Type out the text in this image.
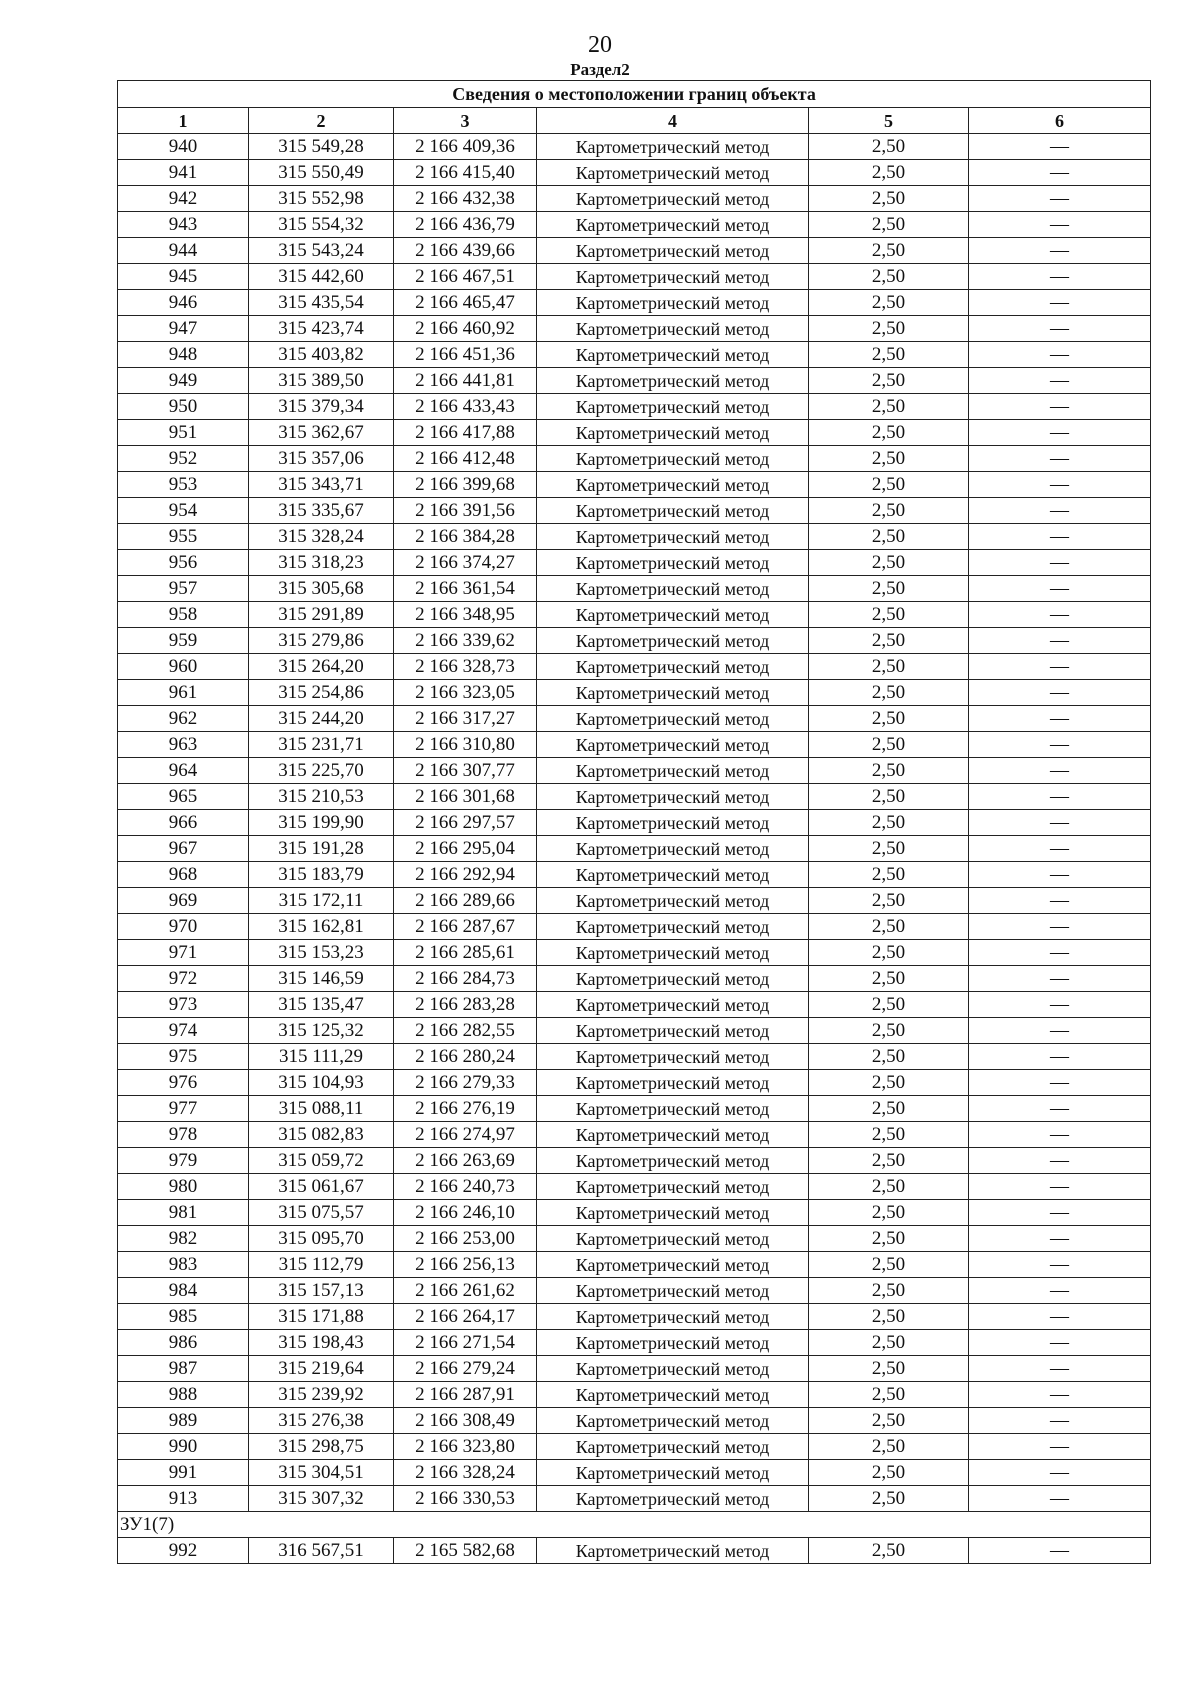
20
Раздел2
Сведения о местоположении границ объекта					
1	2	3	4	5	6
940	315 549,28	2 166 409,36	Картометрический метод	2,50	—
941	315 550,49	2 166 415,40	Картометрический метод	2,50	—
942	315 552,98	2 166 432,38	Картометрический метод	2,50	—
943	315 554,32	2 166 436,79	Картометрический метод	2,50	—
944	315 543,24	2 166 439,66	Картометрический метод	2,50	—
945	315 442,60	2 166 467,51	Картометрический метод	2,50	—
946	315 435,54	2 166 465,47	Картометрический метод	2,50	—
947	315 423,74	2 166 460,92	Картометрический метод	2,50	—
948	315 403,82	2 166 451,36	Картометрический метод	2,50	—
949	315 389,50	2 166 441,81	Картометрический метод	2,50	—
950	315 379,34	2 166 433,43	Картометрический метод	2,50	—
951	315 362,67	2 166 417,88	Картометрический метод	2,50	—
952	315 357,06	2 166 412,48	Картометрический метод	2,50	—
953	315 343,71	2 166 399,68	Картометрический метод	2,50	—
954	315 335,67	2 166 391,56	Картометрический метод	2,50	—
955	315 328,24	2 166 384,28	Картометрический метод	2,50	—
956	315 318,23	2 166 374,27	Картометрический метод	2,50	—
957	315 305,68	2 166 361,54	Картометрический метод	2,50	—
958	315 291,89	2 166 348,95	Картометрический метод	2,50	—
959	315 279,86	2 166 339,62	Картометрический метод	2,50	—
960	315 264,20	2 166 328,73	Картометрический метод	2,50	—
961	315 254,86	2 166 323,05	Картометрический метод	2,50	—
962	315 244,20	2 166 317,27	Картометрический метод	2,50	—
963	315 231,71	2 166 310,80	Картометрический метод	2,50	—
964	315 225,70	2 166 307,77	Картометрический метод	2,50	—
965	315 210,53	2 166 301,68	Картометрический метод	2,50	—
966	315 199,90	2 166 297,57	Картометрический метод	2,50	—
967	315 191,28	2 166 295,04	Картометрический метод	2,50	—
968	315 183,79	2 166 292,94	Картометрический метод	2,50	—
969	315 172,11	2 166 289,66	Картометрический метод	2,50	—
970	315 162,81	2 166 287,67	Картометрический метод	2,50	—
971	315 153,23	2 166 285,61	Картометрический метод	2,50	—
972	315 146,59	2 166 284,73	Картометрический метод	2,50	—
973	315 135,47	2 166 283,28	Картометрический метод	2,50	—
974	315 125,32	2 166 282,55	Картометрический метод	2,50	—
975	315 111,29	2 166 280,24	Картометрический метод	2,50	—
976	315 104,93	2 166 279,33	Картометрический метод	2,50	—
977	315 088,11	2 166 276,19	Картометрический метод	2,50	—
978	315 082,83	2 166 274,97	Картометрический метод	2,50	—
979	315 059,72	2 166 263,69	Картометрический метод	2,50	—
980	315 061,67	2 166 240,73	Картометрический метод	2,50	—
981	315 075,57	2 166 246,10	Картометрический метод	2,50	—
982	315 095,70	2 166 253,00	Картометрический метод	2,50	—
983	315 112,79	2 166 256,13	Картометрический метод	2,50	—
984	315 157,13	2 166 261,62	Картометрический метод	2,50	—
985	315 171,88	2 166 264,17	Картометрический метод	2,50	—
986	315 198,43	2 166 271,54	Картометрический метод	2,50	—
987	315 219,64	2 166 279,24	Картометрический метод	2,50	—
988	315 239,92	2 166 287,91	Картометрический метод	2,50	—
989	315 276,38	2 166 308,49	Картометрический метод	2,50	—
990	315 298,75	2 166 323,80	Картометрический метод	2,50	—
991	315 304,51	2 166 328,24	Картометрический метод	2,50	—
913	315 307,32	2 166 330,53	Картометрический метод	2,50	—
ЗУ1(7)					
992	316 567,51	2 165 582,68	Картометрический метод	2,50	—
